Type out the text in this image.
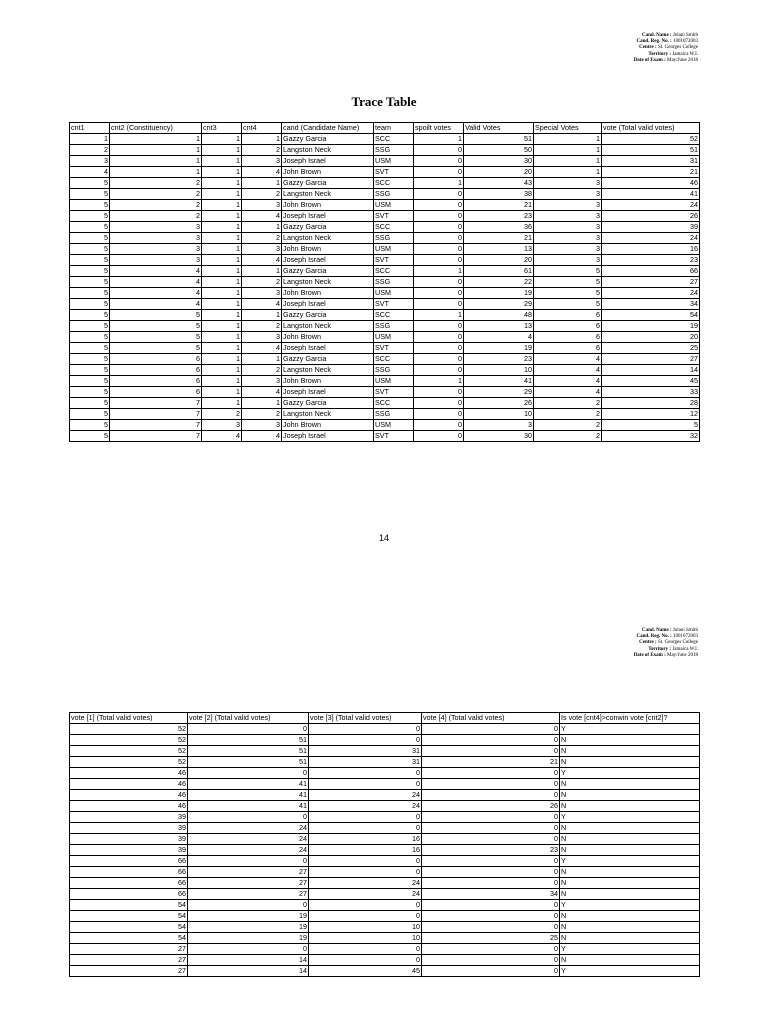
Cand. Name : Jolani Smith
Cand. Reg. No. : 1001072003
Centre : St. Georges College
Territory : Jamaica W.I.
Date of Exam : May/June 2018
Trace Table
cnt1	cnt2 (Constituency)	cnt3	cnt4	cand (Candidate Name)	team	spoilt votes	Valid Votes	Special Votes	vote (Total valid votes)
1	1	1	1	Gazzy Garcia	SCC	1	51	1	52
2	1	1	2	Langston Neck	SSG	0	50	1	51
3	1	1	3	Joseph Israel	USM	0	30	1	31
4	1	1	4	John Brown	SVT	0	20	1	21
5	2	1	1	Gazzy Garcia	SCC	1	43	3	46
5	2	1	2	Langston Neck	SSG	0	38	3	41
5	2	1	3	John Brown	USM	0	21	3	24
5	2	1	4	Joseph Israel	SVT	0	23	3	26
5	3	1	1	Gazzy Garcia	SCC	0	36	3	39
5	3	1	2	Langston Neck	SSG	0	21	3	24
5	3	1	3	John Brown	USM	0	13	3	16
5	3	1	4	Joseph Israel	SVT	0	20	3	23
5	4	1	1	Gazzy Garcia	SCC	1	61	5	66
5	4	1	2	Langston Neck	SSG	0	22	5	27
5	4	1	3	John Brown	USM	0	19	5	24
5	4	1	4	Joseph Israel	SVT	0	29	5	34
5	5	1	1	Gazzy Garcia	SCC	1	48	6	54
5	5	1	2	Langston Neck	SSG	0	13	6	19
5	5	1	3	John Brown	USM	0	4	6	20
5	5	1	4	Joseph Israel	SVT	0	19	6	25
5	6	1	1	Gazzy Garcia	SCC	0	23	4	27
5	6	1	2	Langston Neck	SSG	0	10	4	14
5	6	1	3	John Brown	USM	1	41	4	45
5	6	1	4	Joseph Israel	SVT	0	29	4	33
5	7	1	1	Gazzy Garcia	SCC	0	26	2	28
5	7	2	2	Langston Neck	SSG	0	10	2	12
5	7	3	3	John Brown	USM	0	3	2	5
5	7	4	4	Joseph Israel	SVT	0	30	2	32
14
Cand. Name : Jolani Smith
Cand. Reg. No. : 1001072003
Centre : St. Georges College
Territory : Jamaica W.I.
Date of Exam : May/June 2018
vote [1] (Total valid votes)	vote [2] (Total valid votes)	vote [3] (Total valid votes)	vote [4] (Total valid votes)	Is vote [cnt4]>conwin vote [cnt2]?
52	0	0	0	Y
52	51	0	0	N
52	51	31	0	N
52	51	31	21	N
46	0	0	0	Y
46	41	0	0	N
46	41	24	0	N
46	41	24	26	N
39	0	0	0	Y
39	24	0	0	N
39	24	16	0	N
39	24	16	23	N
66	0	0	0	Y
66	27	0	0	N
66	27	24	0	N
66	27	24	34	N
54	0	0	0	Y
54	19	0	0	N
54	19	10	0	N
54	19	10	25	N
27	0	0	0	Y
27	14	0	0	N
27	14	45	0	Y
